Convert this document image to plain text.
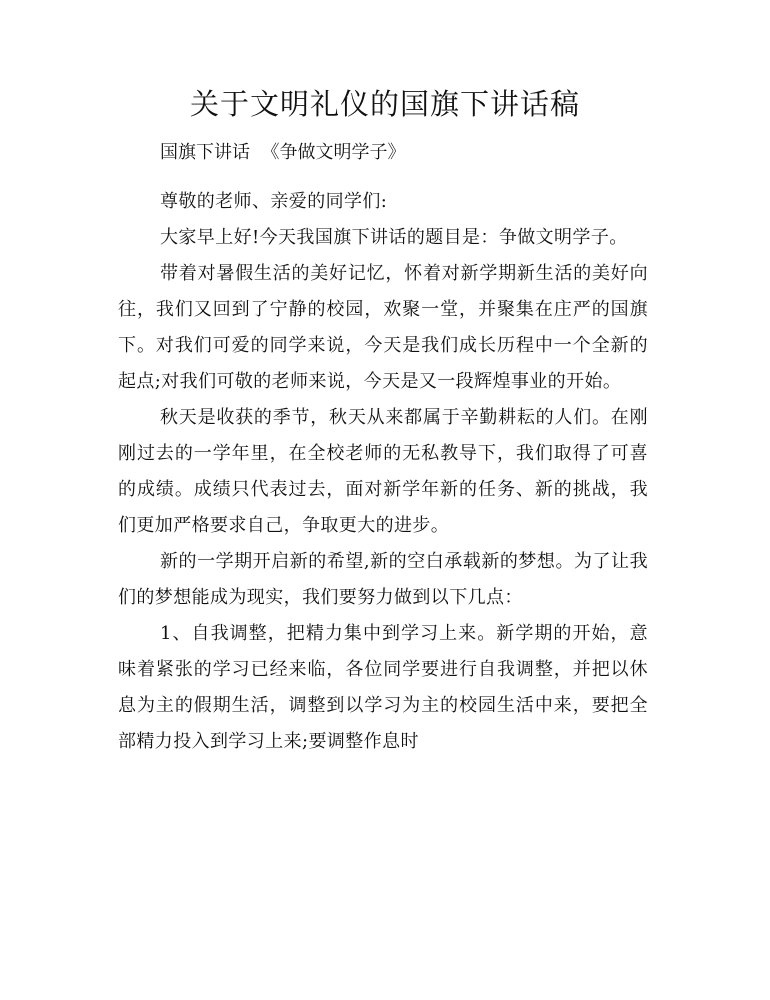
关于文明礼仪的国旗下讲话稿

国旗下讲话  《争做文明学子》

尊敬的老师、亲爱的同学们:

大家早上好!今天我国旗下讲话的题目是：争做文明学子。

带着对暑假生活的美好记忆，怀着对新学期新生活的美好向往，我们又回到了宁静的校园，欢聚一堂，并聚集在庄严的国旗下。对我们可爱的同学来说，今天是我们成长历程中一个全新的起点;对我们可敬的老师来说，今天是又一段辉煌事业的开始。

秋天是收获的季节，秋天从来都属于辛勤耕耘的人们。在刚刚过去的一学年里，在全校老师的无私教导下，我们取得了可喜的成绩。成绩只代表过去，面对新学年新的任务、新的挑战，我们更加严格要求自己，争取更大的进步。

新的一学期开启新的希望,新的空白承载新的梦想。为了让我们的梦想能成为现实，我们要努力做到以下几点：

1、自我调整，把精力集中到学习上来。新学期的开始，意味着紧张的学习已经来临，各位同学要进行自我调整，并把以休息为主的假期生活，调整到以学习为主的校园生活中来，要把全部精力投入到学习上来;要调整作息时
